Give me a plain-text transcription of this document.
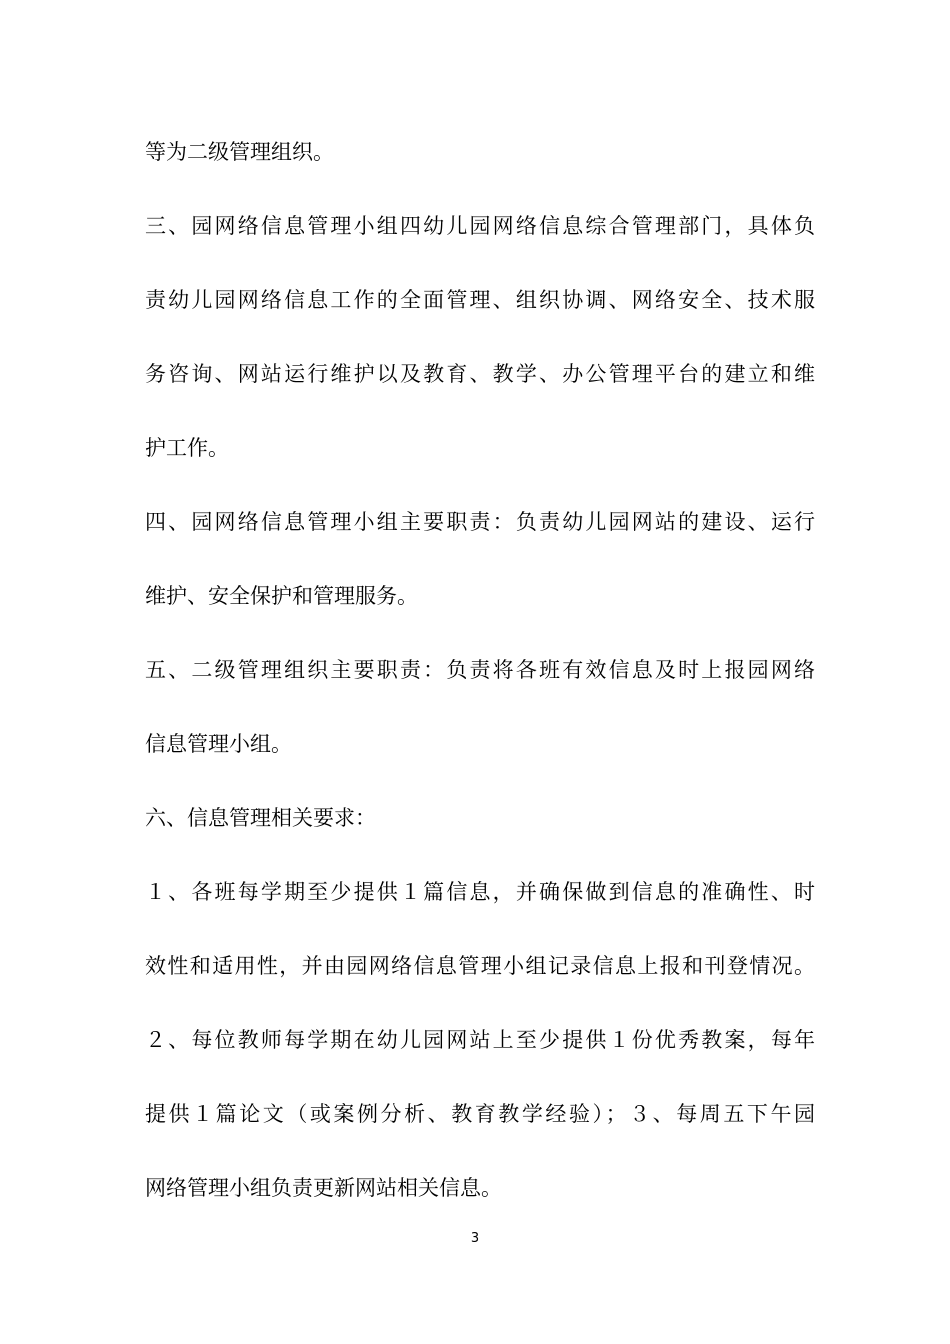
等为二级管理组织。
三、园网络信息管理小组四幼儿园网络信息综合管理部门，具体负
责幼儿园网络信息工作的全面管理、组织协调、网络安全、技术服
务咨询、网站运行维护以及教育、教学、办公管理平台的建立和维
护工作。
四、园网络信息管理小组主要职责：负责幼儿园网站的建设、运行
维护、安全保护和管理服务。
五、二级管理组织主要职责：负责将各班有效信息及时上报园网络
信息管理小组。
六、信息管理相关要求：
１、各班每学期至少提供１篇信息，并确保做到信息的准确性、时
效性和适用性，并由园网络信息管理小组记录信息上报和刊登情况。
２、每位教师每学期在幼儿园网站上至少提供１份优秀教案，每年
提供１篇论文（或案例分析、教育教学经验）；３、每周五下午园
网络管理小组负责更新网站相关信息。
3
